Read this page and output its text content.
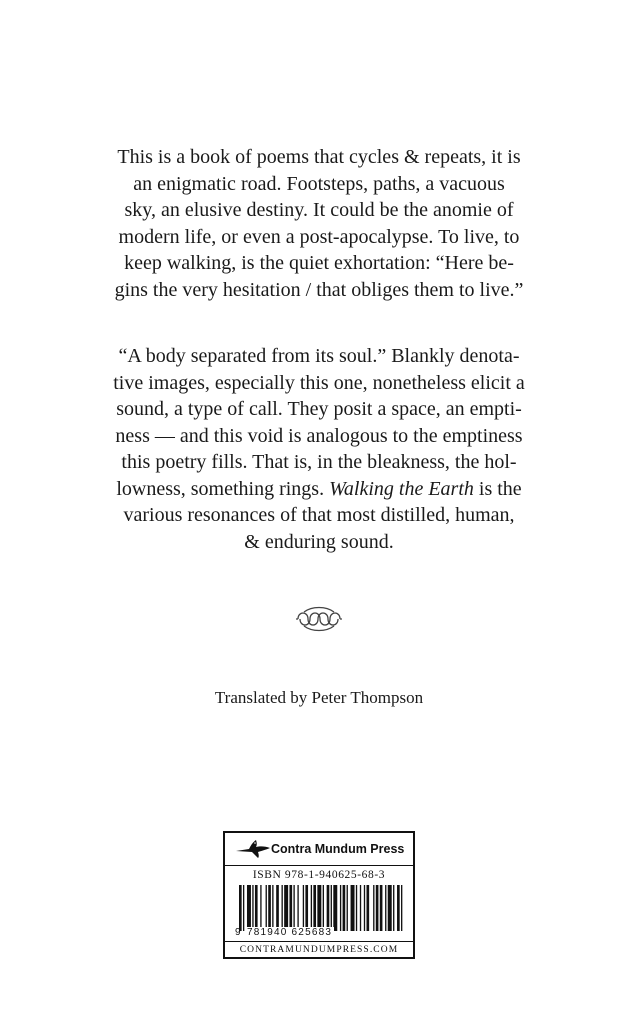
This is a book of poems that cycles & repeats, it is
an enigmatic road. Footsteps, paths, a vacuous
sky, an elusive destiny. It could be the anomie of
modern life, or even a post-apocalypse. To live, to
keep walking, is the quiet exhortation: “Here be-
gins the very hesitation / that obliges them to live.”
“A body separated from its soul.” Blankly denota-
tive images, especially this one, nonetheless elicit a
sound, a type of call. They posit a space, an empti-
ness — and this void is analogous to the emptiness
this poetry fills. That is, in the bleakness, the hol-
lowness, something rings. Walking the Earth is the
various resonances of that most distilled, human,
& enduring sound.
Translated by Peter Thompson
Contra Mundum Press
ISBN 978-1-940625-68-3
9 781940 625683
CONTRAMUNDUMPRESS.COM
